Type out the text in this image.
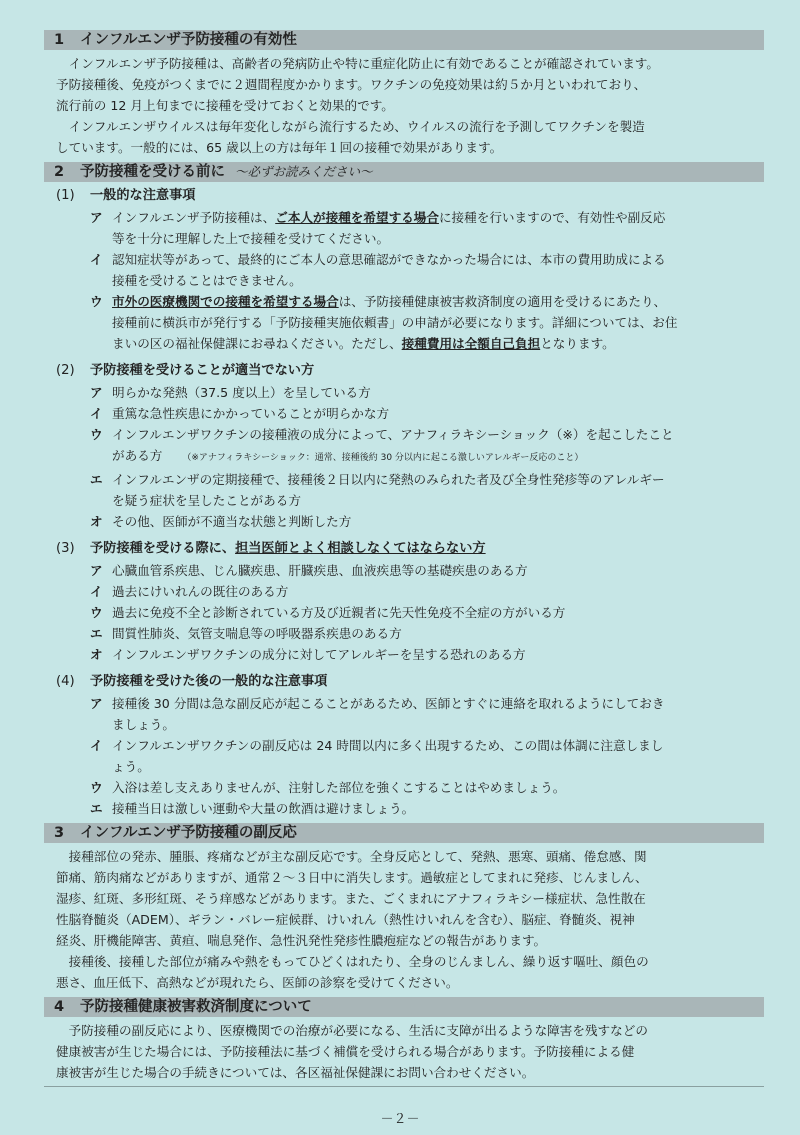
1 インフルエンザ予防接種の有効性
インフルエンザ予防接種は、高齢者の発病防止や特に重症化防止に有効であることが確認されています。
予防接種後、免疫がつくまでに２週間程度かかります。ワクチンの免疫効果は約５か月といわれており、
流行前の 12 月上旬までに接種を受けておくと効果的です。
インフルエンザウイルスは毎年変化しながら流行するため、ウイルスの流行を予測してワクチンを製造
しています。一般的には、65 歳以上の方は毎年１回の接種で効果があります。
2 予防接種を受ける前に ～必ずお読みください～
(1) 一般的な注意事項
ア インフルエンザ予防接種は、ご本人が接種を希望する場合に接種を行いますので、有効性や副反応
等を十分に理解した上で接種を受けてください。
イ 認知症状等があって、最終的にご本人の意思確認ができなかった場合には、本市の費用助成による
接種を受けることはできません。
ウ 市外の医療機関での接種を希望する場合は、予防接種健康被害救済制度の適用を受けるにあたり、
接種前に横浜市が発行する「予防接種実施依頼書」の申請が必要になります。詳細については、お住
まいの区の福祉保健課にお尋ねください。ただし、接種費用は全額自己負担となります。
(2) 予防接種を受けることが適当でない方
ア 明らかな発熱（37.5 度以上）を呈している方
イ 重篤な急性疾患にかかっていることが明らかな方
ウ インフルエンザワクチンの接種液の成分によって、アナフィラキシーショック（※）を起こしたこと
がある方 （※アナフィラキシーショック：通常、接種後約 30 分以内に起こる激しいアレルギー反応のこと）
エ インフルエンザの定期接種で、接種後２日以内に発熱のみられた者及び全身性発疹等のアレルギー
を疑う症状を呈したことがある方
オ その他、医師が不適当な状態と判断した方
(3) 予防接種を受ける際に、担当医師とよく相談しなくてはならない方
ア 心臓血管系疾患、じん臓疾患、肝臓疾患、血液疾患等の基礎疾患のある方
イ 過去にけいれんの既往のある方
ウ 過去に免疫不全と診断されている方及び近親者に先天性免疫不全症の方がいる方
エ 間質性肺炎、気管支喘息等の呼吸器系疾患のある方
オ インフルエンザワクチンの成分に対してアレルギーを呈する恐れのある方
(4) 予防接種を受けた後の一般的な注意事項
ア 接種後 30 分間は急な副反応が起こることがあるため、医師とすぐに連絡を取れるようにしておき
ましょう。
イ インフルエンザワクチンの副反応は 24 時間以内に多く出現するため、この間は体調に注意しまし
ょう。
ウ 入浴は差し支えありませんが、注射した部位を強くこすることはやめましょう。
エ 接種当日は激しい運動や大量の飲酒は避けましょう。
3 インフルエンザ予防接種の副反応
接種部位の発赤、腫脹、疼痛などが主な副反応です。全身反応として、発熱、悪寒、頭痛、倦怠感、関
節痛、筋肉痛などがありますが、通常２～３日中に消失します。過敏症としてまれに発疹、じんましん、
湿疹、紅斑、多形紅斑、そう痒感などがあります。また、ごくまれにアナフィラキシー様症状、急性散在
性脳脊髄炎（ADEM）、ギラン・バレー症候群、けいれん（熱性けいれんを含む）、脳症、脊髄炎、視神
経炎、肝機能障害、黄疸、喘息発作、急性汎発性発疹性膿疱症などの報告があります。
接種後、接種した部位が痛みや熱をもってひどくはれたり、全身のじんましん、繰り返す嘔吐、顔色の
悪さ、血圧低下、高熱などが現れたら、医師の診察を受けてください。
4 予防接種健康被害救済制度について
予防接種の副反応により、医療機関での治療が必要になる、生活に支障が出るような障害を残すなどの
健康被害が生じた場合には、予防接種法に基づく補償を受けられる場合があります。予防接種による健
康被害が生じた場合の手続きについては、各区福祉保健課にお問い合わせください。
－２－
